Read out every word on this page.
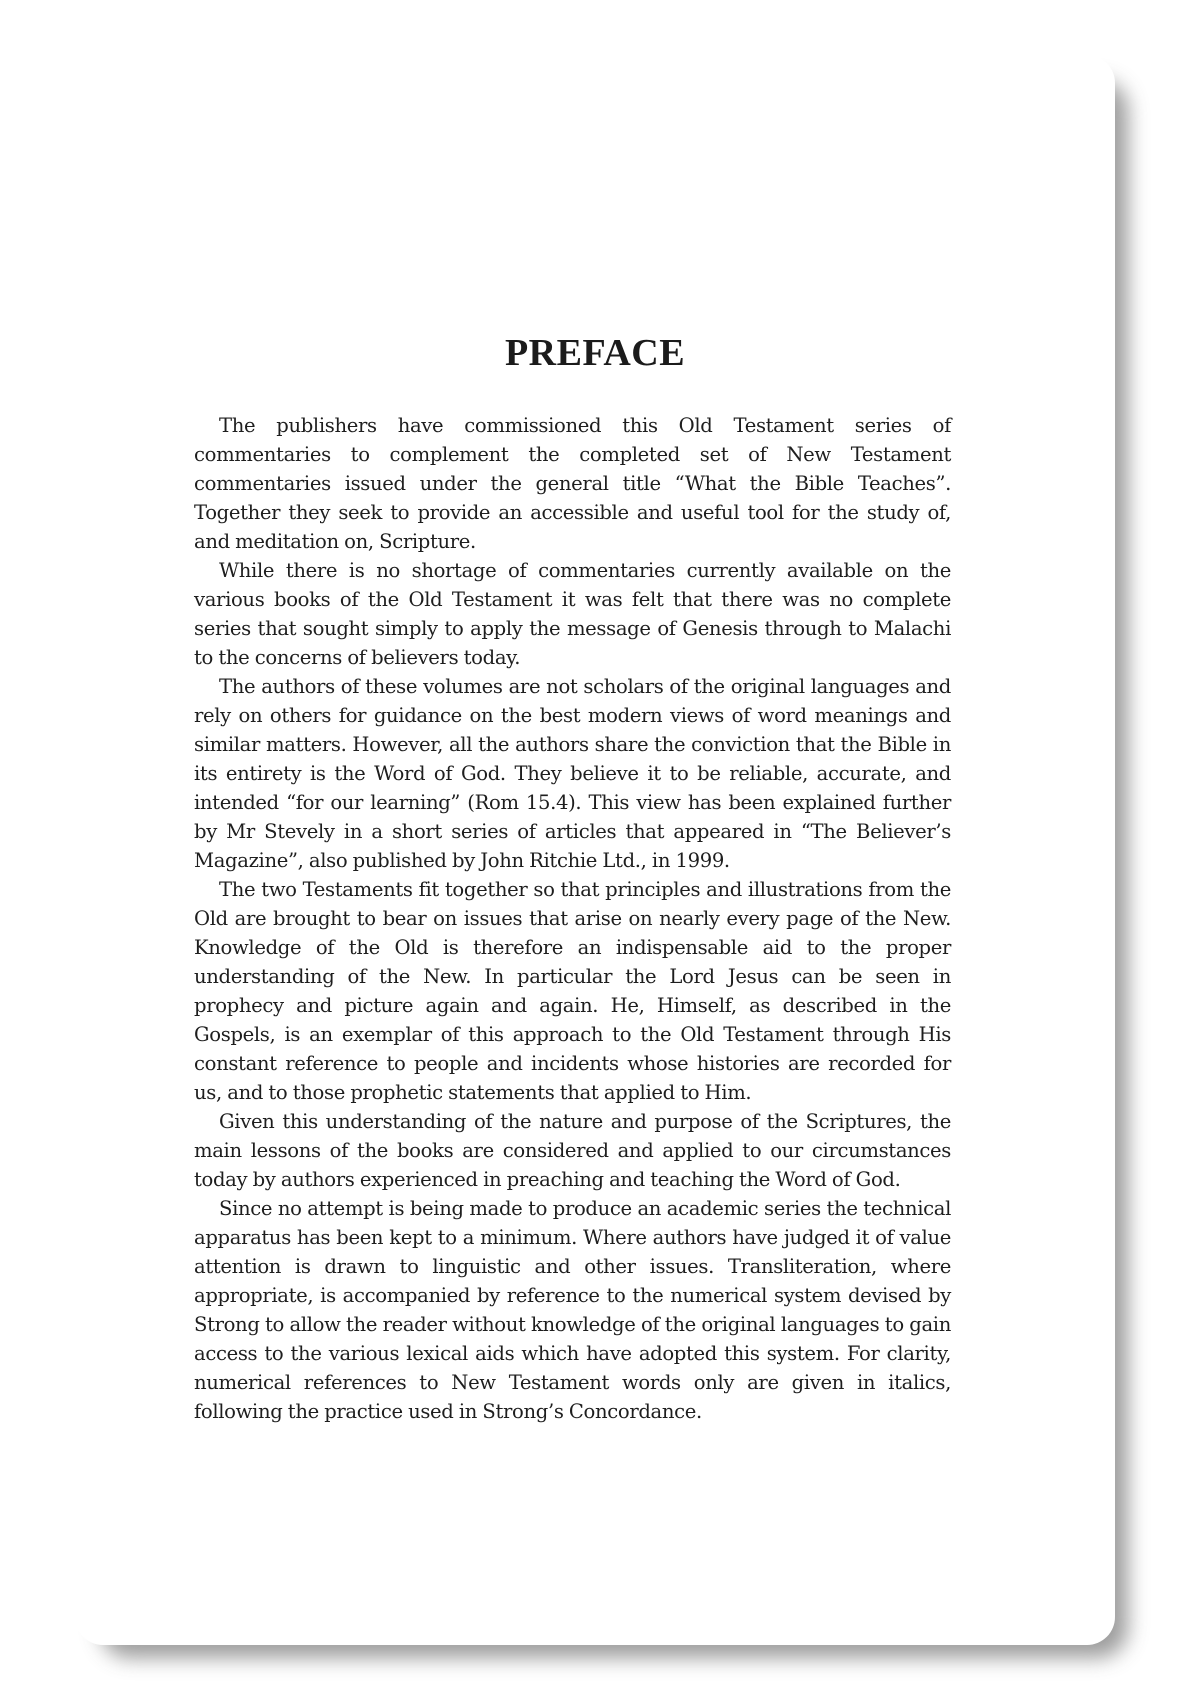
PREFACE

The publishers have commissioned this Old Testament series of commentaries to complement the completed set of New Testament commentaries issued under the general title “What the Bible Teaches”. Together they seek to provide an accessible and useful tool for the study of, and meditation on, Scripture.

While there is no shortage of commentaries currently available on the various books of the Old Testament it was felt that there was no complete series that sought simply to apply the message of Genesis through to Malachi to the concerns of believers today.

The authors of these volumes are not scholars of the original languages and rely on others for guidance on the best modern views of word meanings and similar matters. However, all the authors share the conviction that the Bible in its entirety is the Word of God. They believe it to be reliable, accurate, and intended “for our learning” (Rom 15.4). This view has been explained further by Mr Stevely in a short series of articles that appeared in “The Believer’s Magazine”, also published by John Ritchie Ltd., in 1999.

The two Testaments fit together so that principles and illustrations from the Old are brought to bear on issues that arise on nearly every page of the New. Knowledge of the Old is therefore an indispensable aid to the proper understanding of the New. In particular the Lord Jesus can be seen in prophecy and picture again and again. He, Himself, as described in the Gospels, is an exemplar of this approach to the Old Testament through His constant reference to people and incidents whose histories are recorded for us, and to those prophetic statements that applied to Him.

Given this understanding of the nature and purpose of the Scriptures, the main lessons of the books are considered and applied to our circumstances today by authors experienced in preaching and teaching the Word of God.

Since no attempt is being made to produce an academic series the technical apparatus has been kept to a minimum. Where authors have judged it of value attention is drawn to linguistic and other issues. Transliteration, where appropriate, is accompanied by reference to the numerical system devised by Strong to allow the reader without knowledge of the original languages to gain access to the various lexical aids which have adopted this system. For clarity, numerical references to New Testament words only are given in italics, following the practice used in Strong’s Concordance.
